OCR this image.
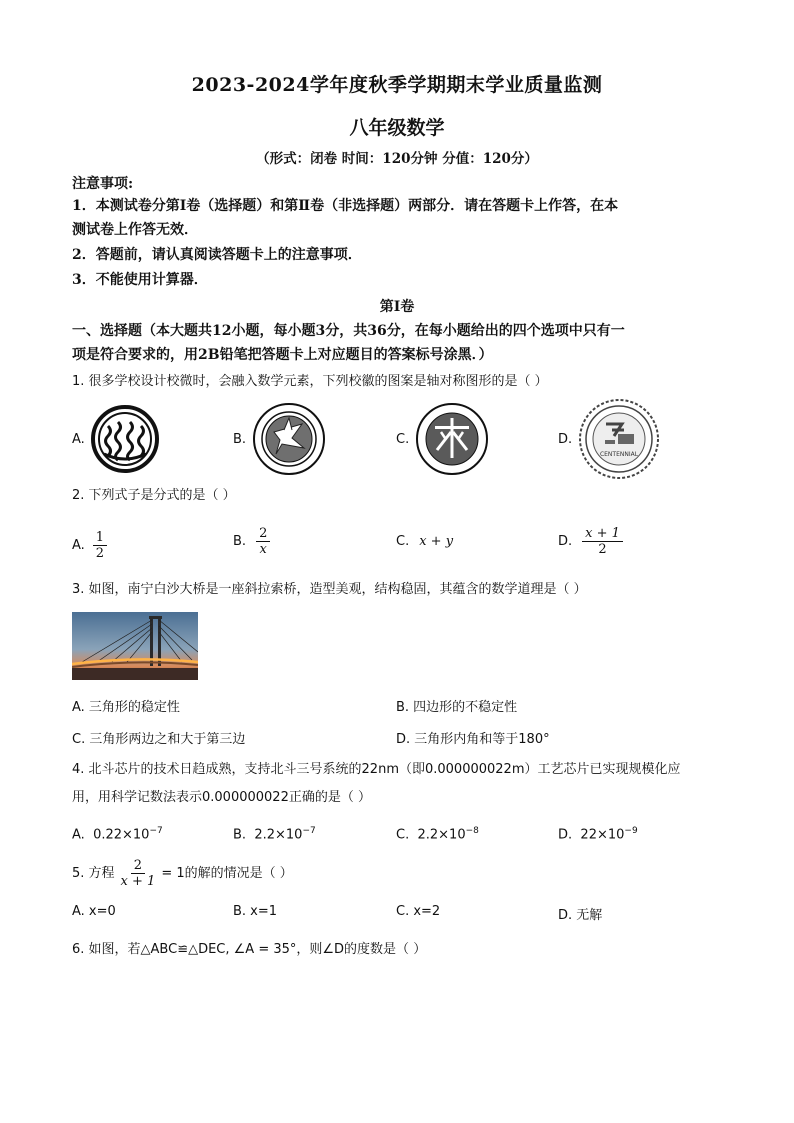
2023-2024学年度秋季学期期末学业质量监测
八年级数学
（形式：闭卷 时间：120分钟 分值：120分）
注意事项:
1．本测试卷分第Ⅰ卷（选择题）和第Ⅱ卷（非选择题）两部分．请在答题卡上作答，在本
测试卷上作答无效．
2．答题前，请认真阅读答题卡上的注意事项．
3．不能使用计算器．
第Ⅰ卷
一、选择题（本大题共12小题，每小题3分，共36分，在每小题给出的四个选项中只有一
项是符合要求的，用2B铅笔把答题卡上对应题目的答案标号涂黑．）
1. 很多学校设计校微时，会融入数学元素，下列校徽的图案是轴对称图形的是（ ）
A.	B.	C.	D.
CENTENNIAL
2. 下列式子是分式的是（ ）
A. $\frac{1}{2}$	B. $\frac{2}{x}$	C. x + y	D. $\frac{x + 1}{2}$
3. 如图，南宁白沙大桥是一座斜拉索桥，造型美观，结构稳固，其蕴含的数学道理是（ ）
A. 三角形的稳定性	B. 四边形的不稳定性
C. 三角形两边之和大于第三边	D. 三角形内角和等于180°
4. 北斗芯片的技术日趋成熟，支持北斗三号系统的22nm（即0.000000022m）工艺芯片已实现规模化应
用，用科学记数法表示0.000000022正确的是（ ）
A. $0.22\times 10^{-7}$	B. $2.2\times 10^{-7}$	C. $2.2\times 10^{-8}$	D. $22\times 10^{-9}$
5. 方程 $\frac{2}{x + 1} = 1$的解的情况是（ ）
A. x=0	B. x=1	C. x=2	D. 无解
6. 如图，若△ABC≌△DEC, ∠A = 35°，则∠D的度数是（ ）
